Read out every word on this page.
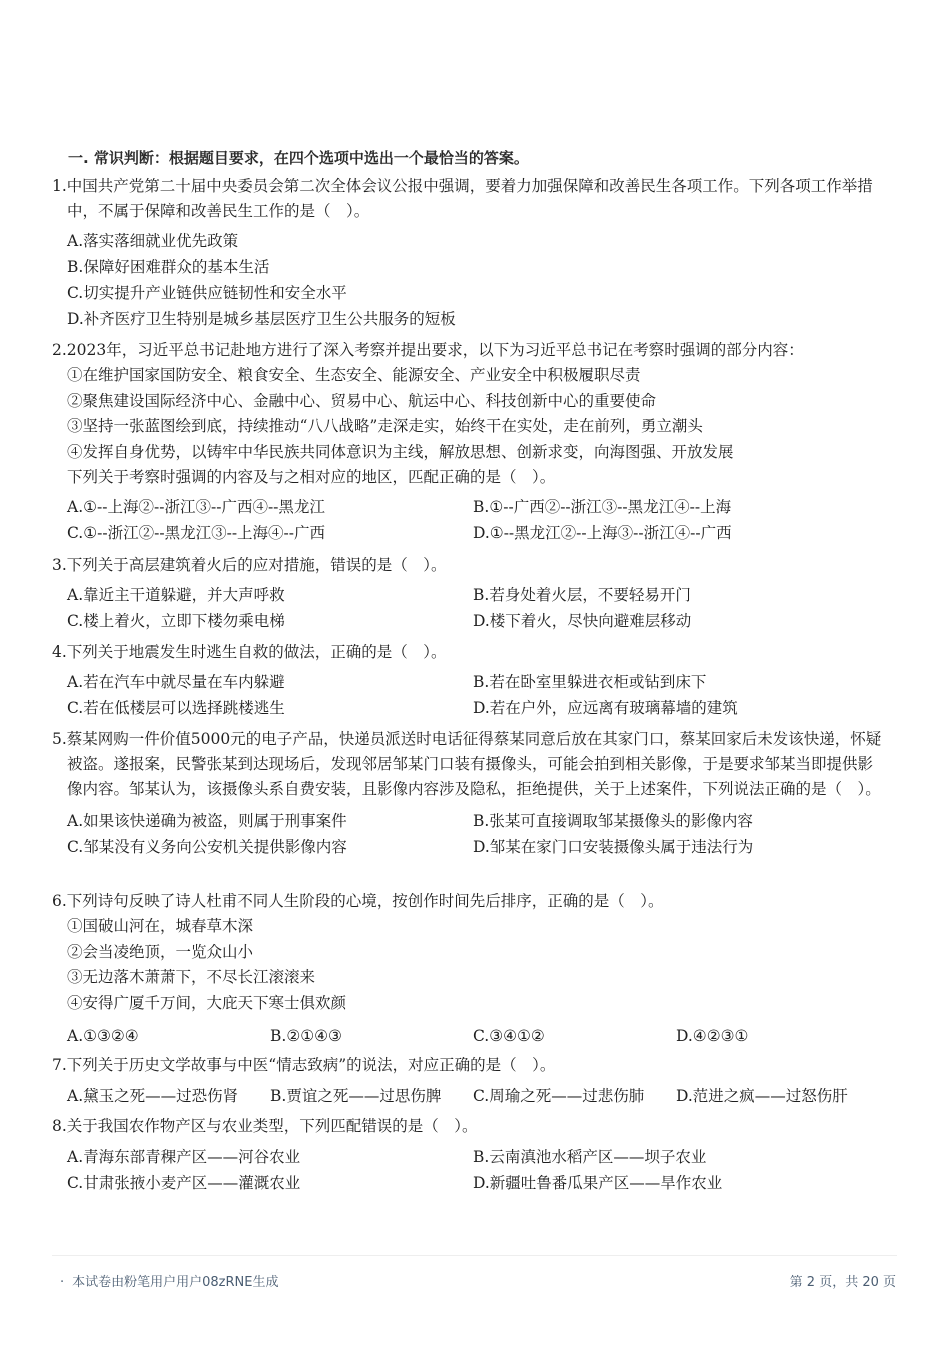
一. 常识判断：根据题目要求，在四个选项中选出一个最恰当的答案。
1.中国共产党第二十届中央委员会第二次全体会议公报中强调，要着力加强保障和改善民生各项工作。下列各项工作举措中，不属于保障和改善民生工作的是（　）。
A.落实落细就业优先政策
B.保障好困难群众的基本生活
C.切实提升产业链供应链韧性和安全水平
D.补齐医疗卫生特别是城乡基层医疗卫生公共服务的短板
2.2023年，习近平总书记赴地方进行了深入考察并提出要求，以下为习近平总书记在考察时强调的部分内容：
①在维护国家国防安全、粮食安全、生态安全、能源安全、产业安全中积极履职尽责
②聚焦建设国际经济中心、金融中心、贸易中心、航运中心、科技创新中心的重要使命
③坚持一张蓝图绘到底，持续推动“八八战略”走深走实，始终干在实处，走在前列，勇立潮头
④发挥自身优势，以铸牢中华民族共同体意识为主线，解放思想、创新求变，向海图强、开放发展
下列关于考察时强调的内容及与之相对应的地区，匹配正确的是（　）。
A.①--上海②--浙江③--广西④--黑龙江	B.①--广西②--浙江③--黑龙江④--上海
C.①--浙江②--黑龙江③--上海④--广西	D.①--黑龙江②--上海③--浙江④--广西
3.下列关于高层建筑着火后的应对措施，错误的是（　）。
A.靠近主干道躲避，并大声呼救	B.若身处着火层，不要轻易开门
C.楼上着火，立即下楼勿乘电梯	D.楼下着火，尽快向避难层移动
4.下列关于地震发生时逃生自救的做法，正确的是（　）。
A.若在汽车中就尽量在车内躲避	B.若在卧室里躲进衣柜或钻到床下
C.若在低楼层可以选择跳楼逃生	D.若在户外，应远离有玻璃幕墙的建筑
5.蔡某网购一件价值5000元的电子产品，快递员派送时电话征得蔡某同意后放在其家门口，蔡某回家后未发该快递，怀疑被盗。遂报案，民警张某到达现场后，发现邻居邹某门口装有摄像头，可能会拍到相关影像，于是要求邹某当即提供影像内容。邹某认为，该摄像头系自费安装，且影像内容涉及隐私，拒绝提供，关于上述案件，下列说法正确的是（　）。
A.如果该快递确为被盗，则属于刑事案件	B.张某可直接调取邹某摄像头的影像内容
C.邹某没有义务向公安机关提供影像内容	D.邹某在家门口安装摄像头属于违法行为
6.下列诗句反映了诗人杜甫不同人生阶段的心境，按创作时间先后排序，正确的是（　）。
①国破山河在，城春草木深
②会当凌绝顶，一览众山小
③无边落木萧萧下，不尽长江滚滚来
④安得广厦千万间，大庇天下寒士俱欢颜
A.①③②④	B.②①④③	C.③④①②	D.④②③①
7.下列关于历史文学故事与中医“情志致病”的说法，对应正确的是（　）。
A.黛玉之死——过恐伤肾	B.贾谊之死——过思伤脾	C.周瑜之死——过悲伤肺	D.范进之疯——过怒伤肝
8.关于我国农作物产区与农业类型，下列匹配错误的是（　）。
A.青海东部青稞产区——河谷农业	B.云南滇池水稻产区——坝子农业
C.甘肃张掖小麦产区——灌溉农业	D.新疆吐鲁番瓜果产区——旱作农业
· 本试卷由粉笔用户用户08zRNE生成	第 2 页，共 20 页
